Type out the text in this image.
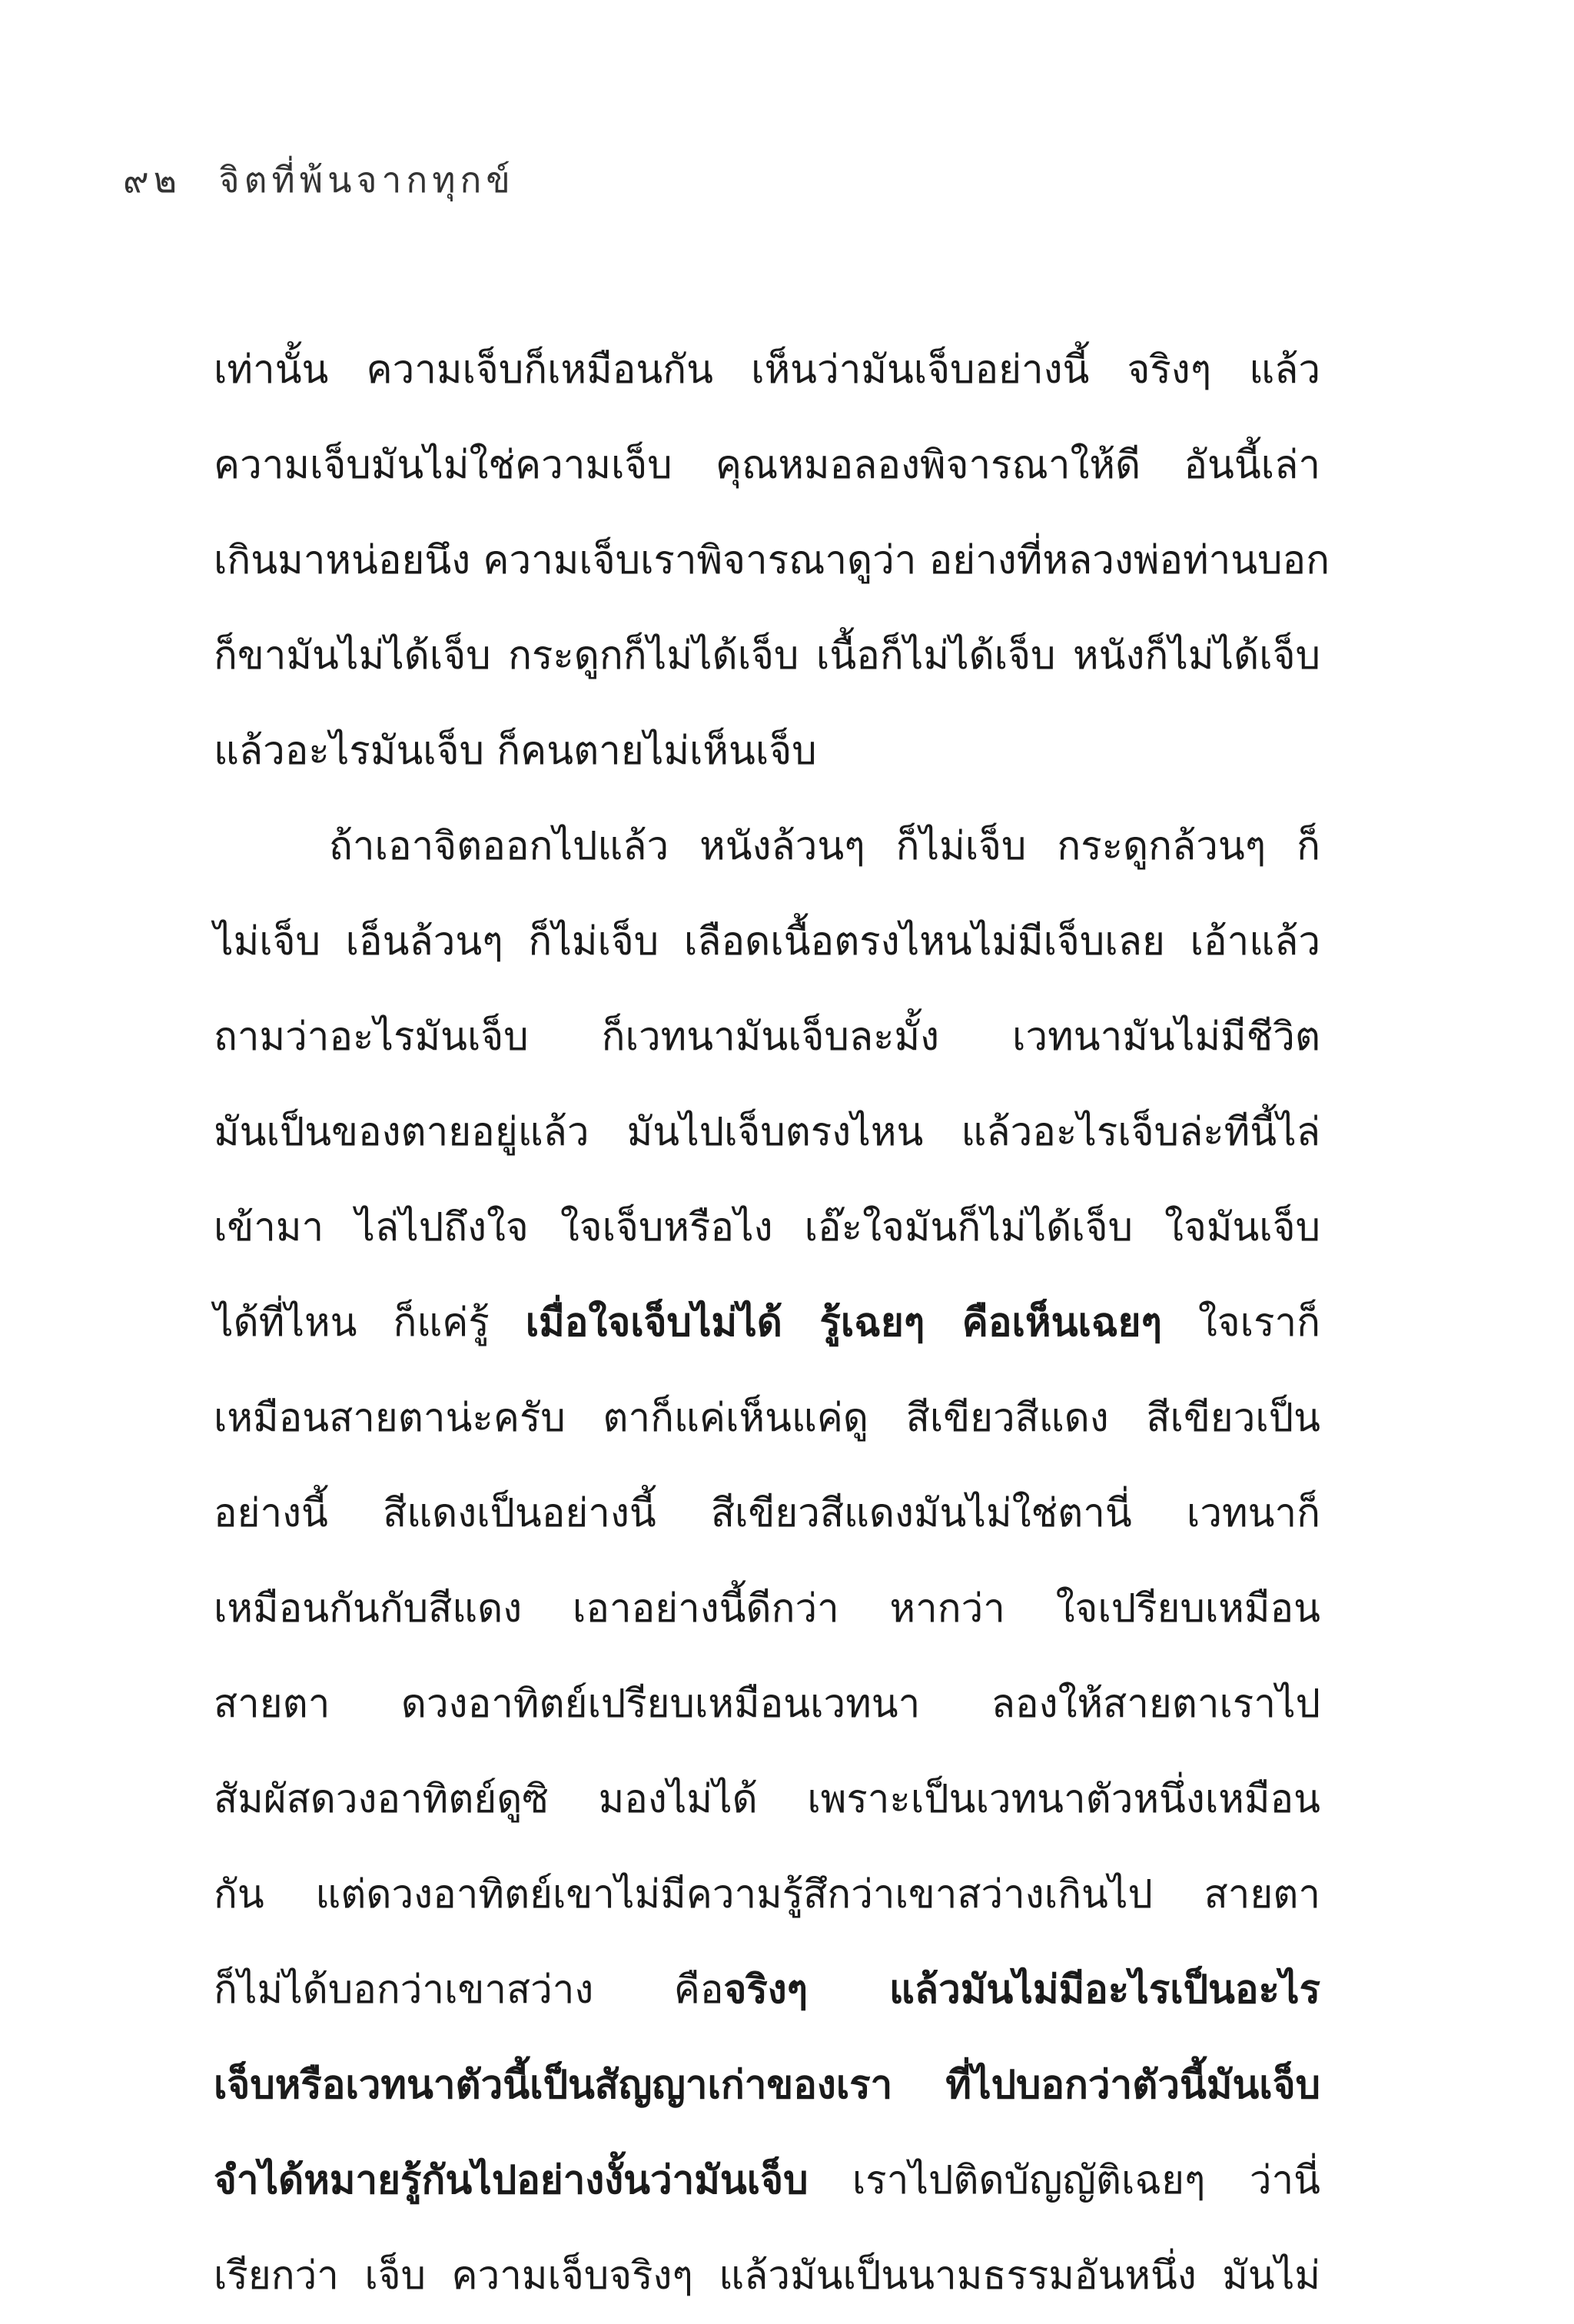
๙๒ จิตที่พ้นจากทุกข์
เท่านั้น ความเจ็บก็เหมือนกัน เห็นว่ามันเจ็บอย่างนี้ จริงๆ แล้ว
ความเจ็บมันไม่ใช่ความเจ็บ คุณหมอลองพิจารณาให้ดี อันนี้เล่า
เกินมาหน่อยนึง ความเจ็บเราพิจารณาดูว่า อย่างที่หลวงพ่อท่านบอก
ก็ขามันไม่ได้เจ็บ กระดูกก็ไม่ได้เจ็บ เนื้อก็ไม่ได้เจ็บ หนังก็ไม่ได้เจ็บ
แล้วอะไรมันเจ็บ ก็คนตายไม่เห็นเจ็บ
ถ้าเอาจิตออกไปแล้ว หนังล้วนๆ ก็ไม่เจ็บ กระดูกล้วนๆ ก็
ไม่เจ็บ เอ็นล้วนๆ ก็ไม่เจ็บ เลือดเนื้อตรงไหนไม่มีเจ็บเลย เอ้าแล้ว
ถามว่าอะไรมันเจ็บ ก็เวทนามันเจ็บละมั้ง เวทนามันไม่มีชีวิต
มันเป็นของตายอยู่แล้ว มันไปเจ็บตรงไหน แล้วอะไรเจ็บล่ะทีนี้ไล่
เข้ามา ไล่ไปถึงใจ ใจเจ็บหรือไง เอ๊ะใจมันก็ไม่ได้เจ็บ ใจมันเจ็บ
ได้ที่ไหน ก็แค่รู้ เมื่อใจเจ็บไม่ได้ รู้เฉยๆ คือเห็นเฉยๆ ใจเราก็
เหมือนสายตาน่ะครับ ตาก็แค่เห็นแค่ดู สีเขียวสีแดง สีเขียวเป็น
อย่างนี้ สีแดงเป็นอย่างนี้ สีเขียวสีแดงมันไม่ใช่ตานี่ เวทนาก็
เหมือนกันกับสีแดง เอาอย่างนี้ดีกว่า หากว่า ใจเปรียบเหมือน
สายตา ดวงอาทิตย์เปรียบเหมือนเวทนา ลองให้สายตาเราไป
สัมผัสดวงอาทิตย์ดูซิ มองไม่ได้ เพราะเป็นเวทนาตัวหนึ่งเหมือน
กัน แต่ดวงอาทิตย์เขาไม่มีความรู้สึกว่าเขาสว่างเกินไป สายตา
ก็ไม่ได้บอกว่าเขาสว่าง คือจริงๆ แล้วมันไม่มีอะไรเป็นอะไร
เจ็บหรือเวทนาตัวนี้เป็นสัญญาเก่าของเรา ที่ไปบอกว่าตัวนี้มันเจ็บ
จำได้หมายรู้กันไปอย่างงั้นว่ามันเจ็บ เราไปติดบัญญัติเฉยๆ ว่านี่
เรียกว่า เจ็บ ความเจ็บจริงๆ แล้วมันเป็นนามธรรมอันหนึ่ง มันไม่
